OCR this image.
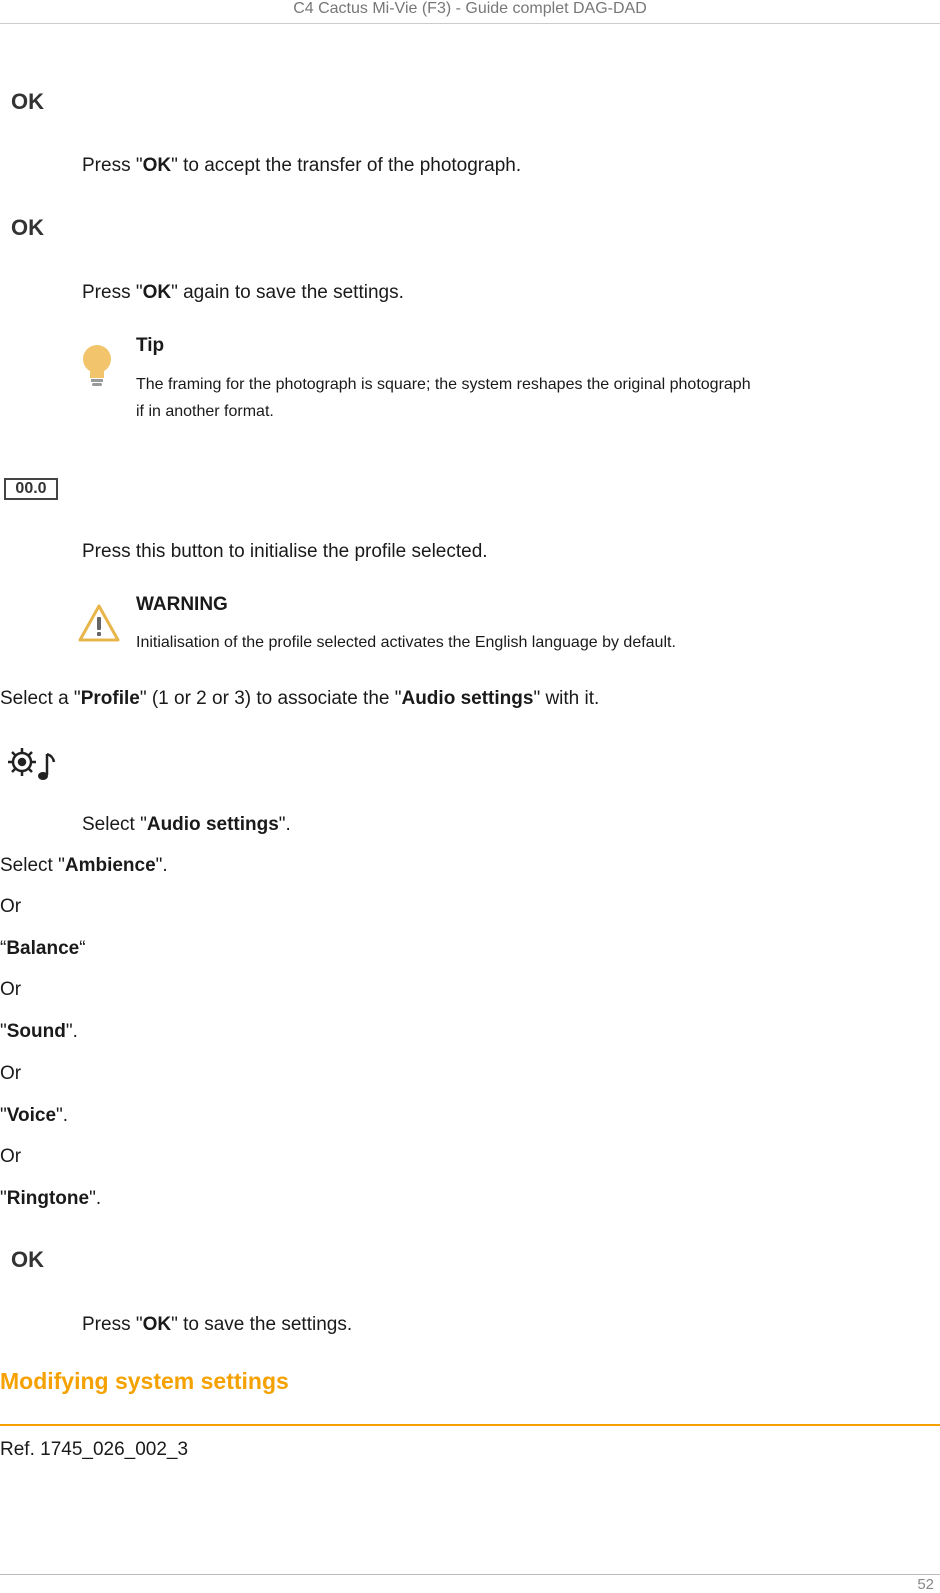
C4 Cactus Mi-Vie (F3) - Guide complet DAG-DAD
OK
Press "OK" to accept the transfer of the photograph.
OK
Press "OK" again to save the settings.
Tip
The framing for the photograph is square; the system reshapes the original photograph
if in another format.
00.0
Press this button to initialise the profile selected.
WARNING
Initialisation of the profile selected activates the English language by default.
Select a "Profile" (1 or 2 or 3) to associate the "Audio settings" with it.
Select "Audio settings".
Select "Ambience".
Or
“Balance“
Or
"Sound".
Or
"Voice".
Or
"Ringtone".
OK
Press "OK" to save the settings.
Modifying system settings
Ref. 1745_026_002_3
52
